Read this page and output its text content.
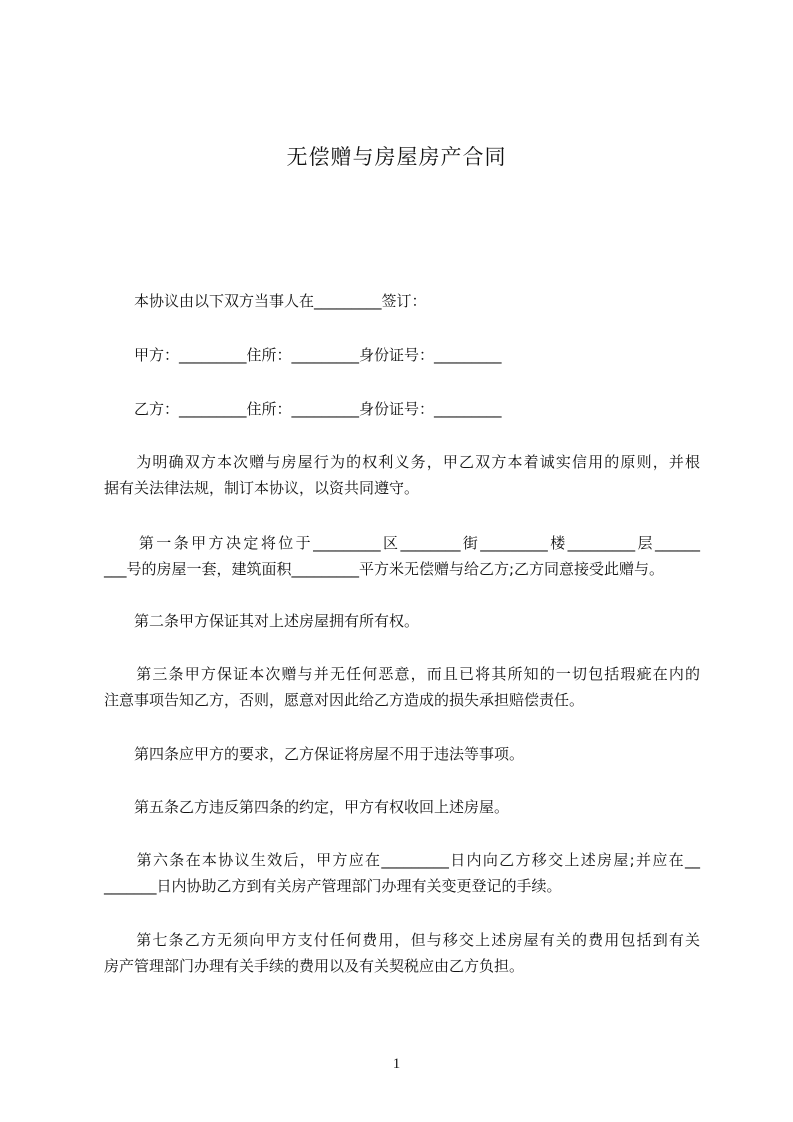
无偿赠与房屋房产合同
　　本协议由以下双方当事人在_________签订：
　　甲方：_________住所：_________身份证号：_________
　　乙方：_________住所：_________身份证号：_________
　　为明确双方本次赠与房屋行为的权利义务，甲乙双方本着诚实信用的原则，并根
据有关法律法规，制订本协议，以资共同遵守。
　　第一条甲方决定将位于_________区________街_________楼_________层______
___号的房屋一套，建筑面积_________平方米无偿赠与给乙方;乙方同意接受此赠与。
　　第二条甲方保证其对上述房屋拥有所有权。
　　第三条甲方保证本次赠与并无任何恶意，而且已将其所知的一切包括瑕疵在内的
注意事项告知乙方，否则，愿意对因此给乙方造成的损失承担赔偿责任。
　　第四条应甲方的要求，乙方保证将房屋不用于违法等事项。
　　第五条乙方违反第四条的约定，甲方有权收回上述房屋。
　　第六条在本协议生效后，甲方应在_________日内向乙方移交上述房屋;并应在__
_______日内协助乙方到有关房产管理部门办理有关变更登记的手续。
　　第七条乙方无须向甲方支付任何费用，但与移交上述房屋有关的费用包括到有关
房产管理部门办理有关手续的费用以及有关契税应由乙方负担。
1
